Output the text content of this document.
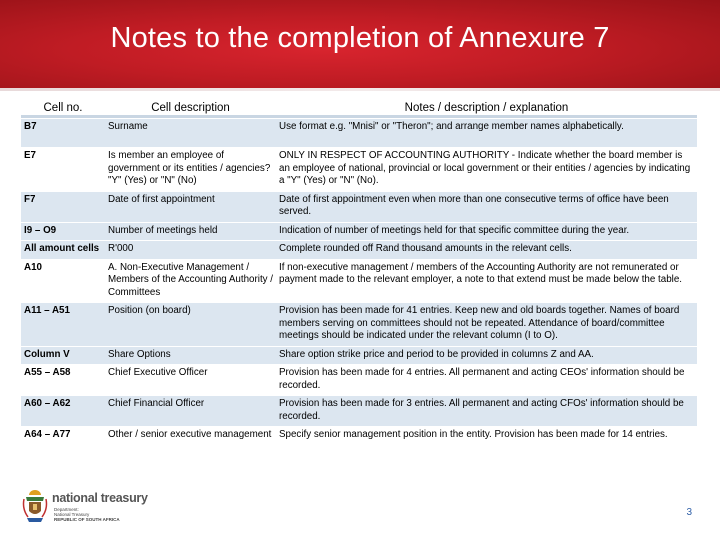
Notes to the completion of Annexure 7
Cell no.	Cell description	Notes / description / explanation
B7	Surname	Use format e.g. "Mnisi" or "Theron"; and arrange member names alphabetically.
E7	Is member an employee of government or its entities / agencies? "Y" (Yes) or "N" (No)	ONLY IN RESPECT OF ACCOUNTING AUTHORITY - Indicate whether the board member is an employee of national, provincial or local government or their entities / agencies by indicating a "Y" (Yes) or "N" (No).
F7	Date of first appointment	Date of first appointment even when more than one consecutive terms of office have been served.
I9 – O9	Number of meetings held	Indication of number of meetings held for that specific committee during the year.
All amount cells	R'000	Complete rounded off Rand thousand amounts in the relevant cells.
A10	A. Non-Executive Management / Members of the Accounting Authority / Committees	If non-executive management / members of the Accounting Authority are not remunerated or payment made to the relevant employer, a note to that extend must be made below the table.
A11 – A51	Position (on board)	Provision has been made for 41 entries. Keep new and old boards together. Names of board members serving on committees should not be repeated. Attendance of board/committee meetings should be indicated under the relevant column (I to O).
Column V	Share Options	Share option strike price and period to be provided in columns Z and AA.
A55 – A58	Chief Executive Officer	Provision has been made for 4 entries. All permanent and acting CEOs' information should be recorded.
A60 – A62	Chief Financial Officer	Provision has been made for 3 entries. All permanent and acting CFOs' information should be recorded.
A64 – A77	Other / senior executive management	Specify senior management position in the entity. Provision has been made for 14 entries.
national treasury
Department:
National Treasury
REPUBLIC OF SOUTH AFRICA
3
